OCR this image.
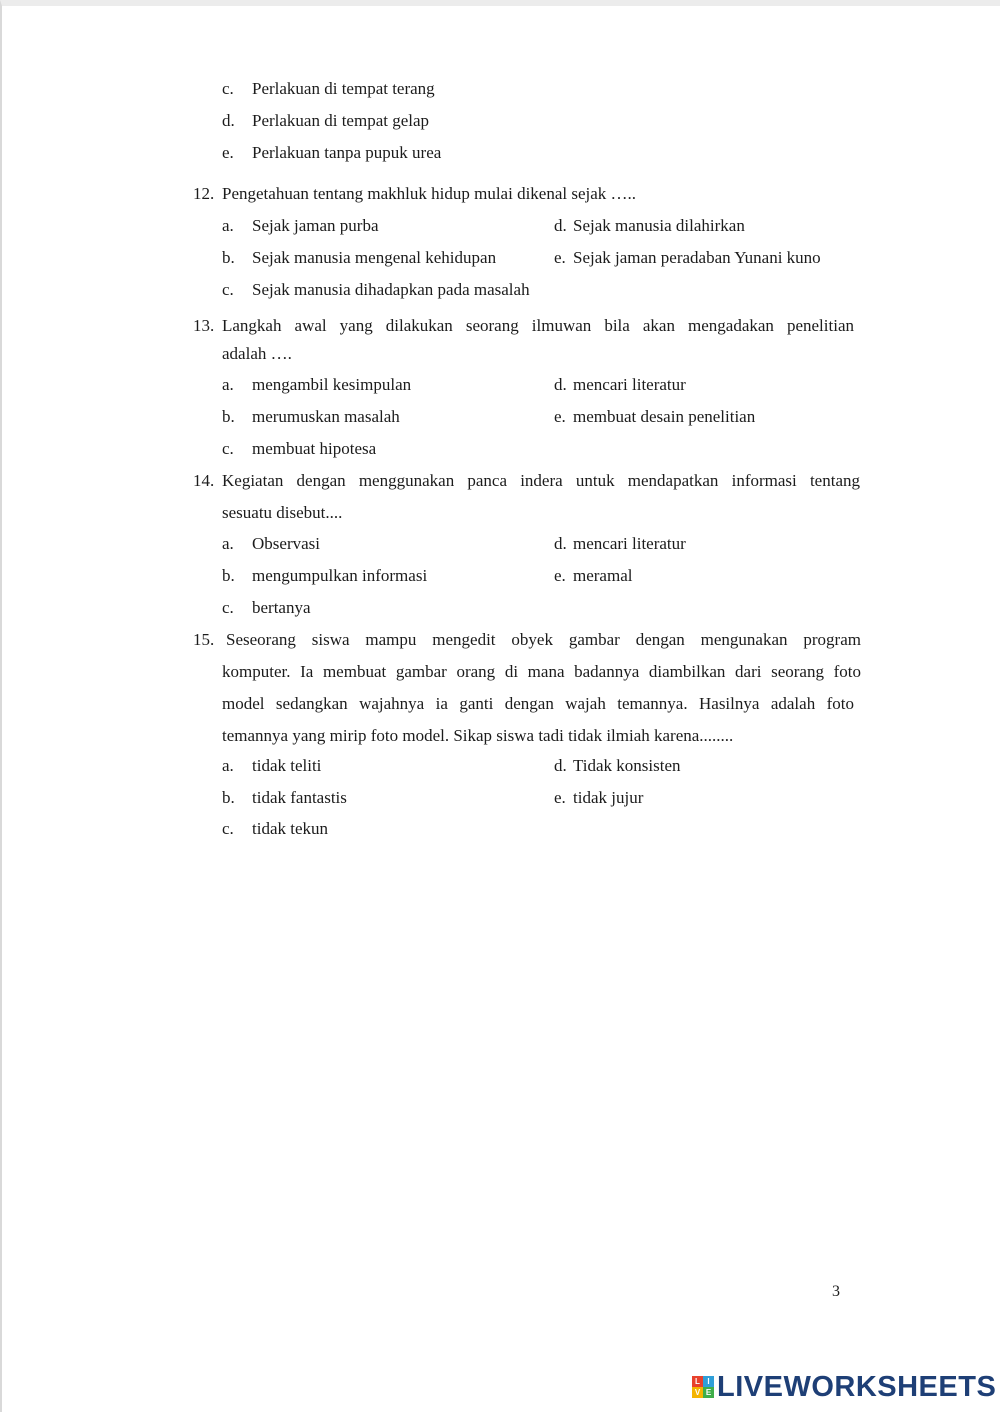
c. Perlakuan di tempat terang
d. Perlakuan di tempat gelap
e. Perlakuan tanpa pupuk urea
12. Pengetahuan tentang makhluk hidup mulai dikenal sejak …..
a. Sejak jaman purba
b. Sejak manusia mengenal kehidupan
c. Sejak manusia dihadapkan pada masalah
d. Sejak manusia dilahirkan
e. Sejak jaman peradaban Yunani kuno
13. Langkah awal yang dilakukan seorang ilmuwan bila akan mengadakan penelitian
adalah ….
a. mengambil kesimpulan
b. merumuskan masalah
c. membuat hipotesa
d. mencari literatur
e. membuat desain penelitian
14. Kegiatan dengan menggunakan panca indera untuk mendapatkan informasi tentang
sesuatu disebut....
a. Observasi
b. mengumpulkan informasi
c. bertanya
d. mencari literatur
e. meramal
15. Seseorang siswa mampu mengedit obyek gambar dengan mengunakan program
komputer. Ia membuat gambar orang di mana badannya diambilkan dari seorang foto
model sedangkan wajahnya ia ganti dengan wajah temannya. Hasilnya adalah foto
temannya yang mirip foto model. Sikap siswa tadi tidak ilmiah karena........
a. tidak teliti
b. tidak fantastis
c. tidak tekun
d. Tidak konsisten
e. tidak jujur
3
L I
V E LIVEWORKSHEETS
